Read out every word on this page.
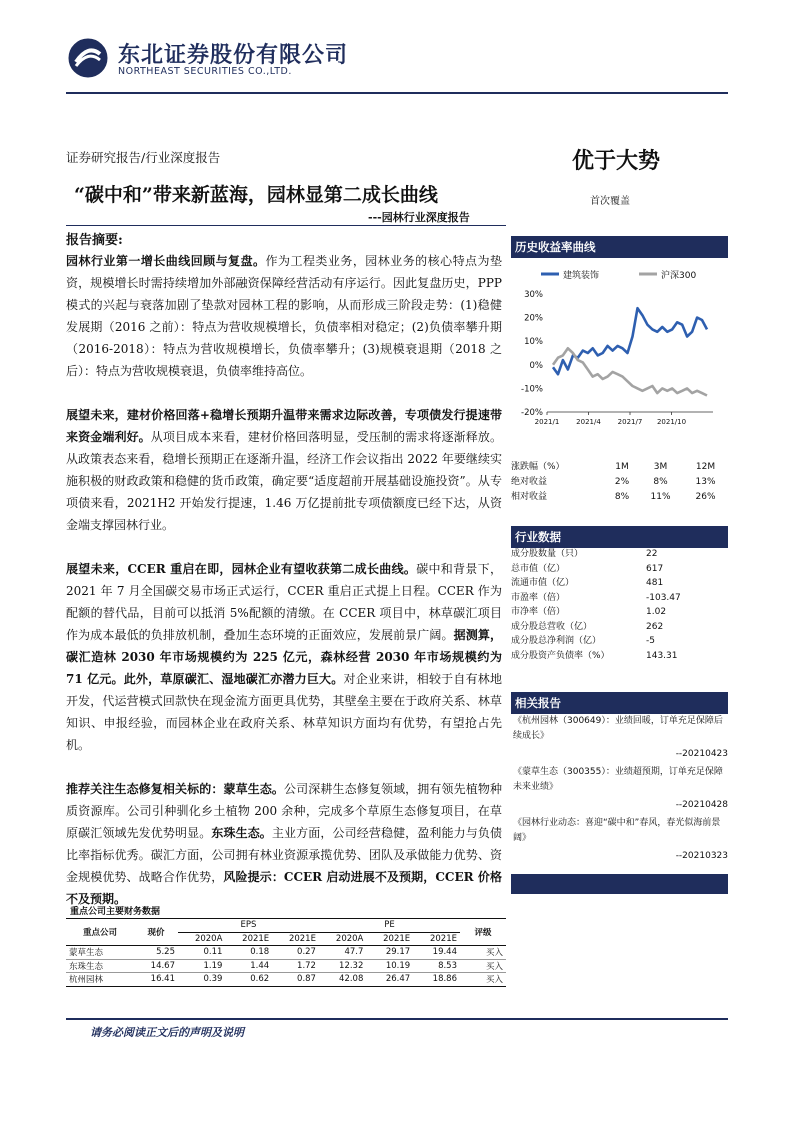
东北证券股份有限公司
NORTHEAST SECURITIES CO.,LTD.
证券研究报告/行业深度报告	优于大势
“碳中和”带来新蓝海，园林显第二成长曲线	首次覆盖
---园林行业深度报告
报告摘要:

园林行业第一增长曲线回顾与复盘。作为工程类业务，园林业务的核心特点为垫资，规模增长时需持续增加外部融资保障经营活动有序运行。因此复盘历史，PPP 模式的兴起与衰落加剧了垫款对园林工程的影响，从而形成三阶段走势：(1)稳健发展期（2016 之前）：特点为营收规模增长，负债率相对稳定；(2)负债率攀升期（2016-2018）：特点为营收规模增长，负债率攀升；(3)规模衰退期（2018 之后）：特点为营收规模衰退，负债率维持高位。

展望未来，建材价格回落+稳增长预期升温带来需求边际改善，专项债发行提速带来资金端利好。从项目成本来看，建材价格回落明显，受压制的需求将逐渐释放。从政策表态来看，稳增长预期正在逐渐升温，经济工作会议指出 2022 年要继续实施积极的财政政策和稳健的货币政策，确定要“适度超前开展基础设施投资”。从专项债来看，2021H2 开始发行提速，1.46 万亿提前批专项债额度已经下达，从资金端支撑园林行业。

展望未来，CCER 重启在即，园林企业有望收获第二成长曲线。碳中和背景下，2021 年 7 月全国碳交易市场正式运行，CCER 重启正式提上日程。CCER 作为配额的替代品，目前可以抵消 5%配额的清缴。在 CCER 项目中，林草碳汇项目作为成本最低的负排放机制，叠加生态环境的正面效应，发展前景广阔。据测算，碳汇造林 2030 年市场规模约为 225 亿元，森林经营 2030 年市场规模约为 71 亿元。此外，草原碳汇、湿地碳汇亦潜力巨大。对企业来讲，相较于自有林地开发，代运营模式回款快在现金流方面更具优势，其壁垒主要在于政府关系、林草知识、申报经验，而园林企业在政府关系、林草知识方面均有优势，有望抢占先机。

推荐关注生态修复相关标的：蒙草生态。公司深耕生态修复领域，拥有领先植物种质资源库。公司引种驯化乡土植物 200 余种，完成多个草原生态修复项目，在草原碳汇领域先发优势明显。东珠生态。主业方面，公司经营稳健，盈利能力与负债比率指标优秀。碳汇方面，公司拥有林业资源承揽优势、团队及承做能力优势、资金规模优势、战略合作优势，风险提示：CCER 启动进展不及预期，CCER 价格不及预期。

历史收益率曲线
建筑装饰	沪深300
30%
20%
10%
0%
-10%
-20%
2021/1 2021/4 2021/7 2021/10
涨跌幅（%）	1M	3M	12M
绝对收益	2%	8%	13%
相对收益	8%	11%	26%
行业数据
成分股数量（只）	22
总市值（亿）	617
流通市值（亿）	481
市盈率（倍）	-103.47
市净率（倍）	1.02
成分股总营收（亿）	262
成分股总净利润（亿）	-5
成分股资产负债率（%）	143.31
相关报告
《杭州园林（300649）：业绩回暖，订单充足保障后续成长》
--20210423
《蒙草生态（300355）：业绩超预期，订单充足保障未来业绩》
--20210428
《园林行业动态：喜迎“碳中和”春风，春光似海前景阔》
--20210323
重点公司主要财务数据
重点公司	现价	EPS			PE			评级
		2020A	2021E	2021E	2020A	2021E	2021E	
蒙草生态	5.25	0.11	0.18	0.27	47.7	29.17	19.44	买入
东珠生态	14.67	1.19	1.44	1.72	12.32	10.19	8.53	买入
杭州园林	16.41	0.39	0.62	0.87	42.08	26.47	18.86	买入
请务必阅读正文后的声明及说明
